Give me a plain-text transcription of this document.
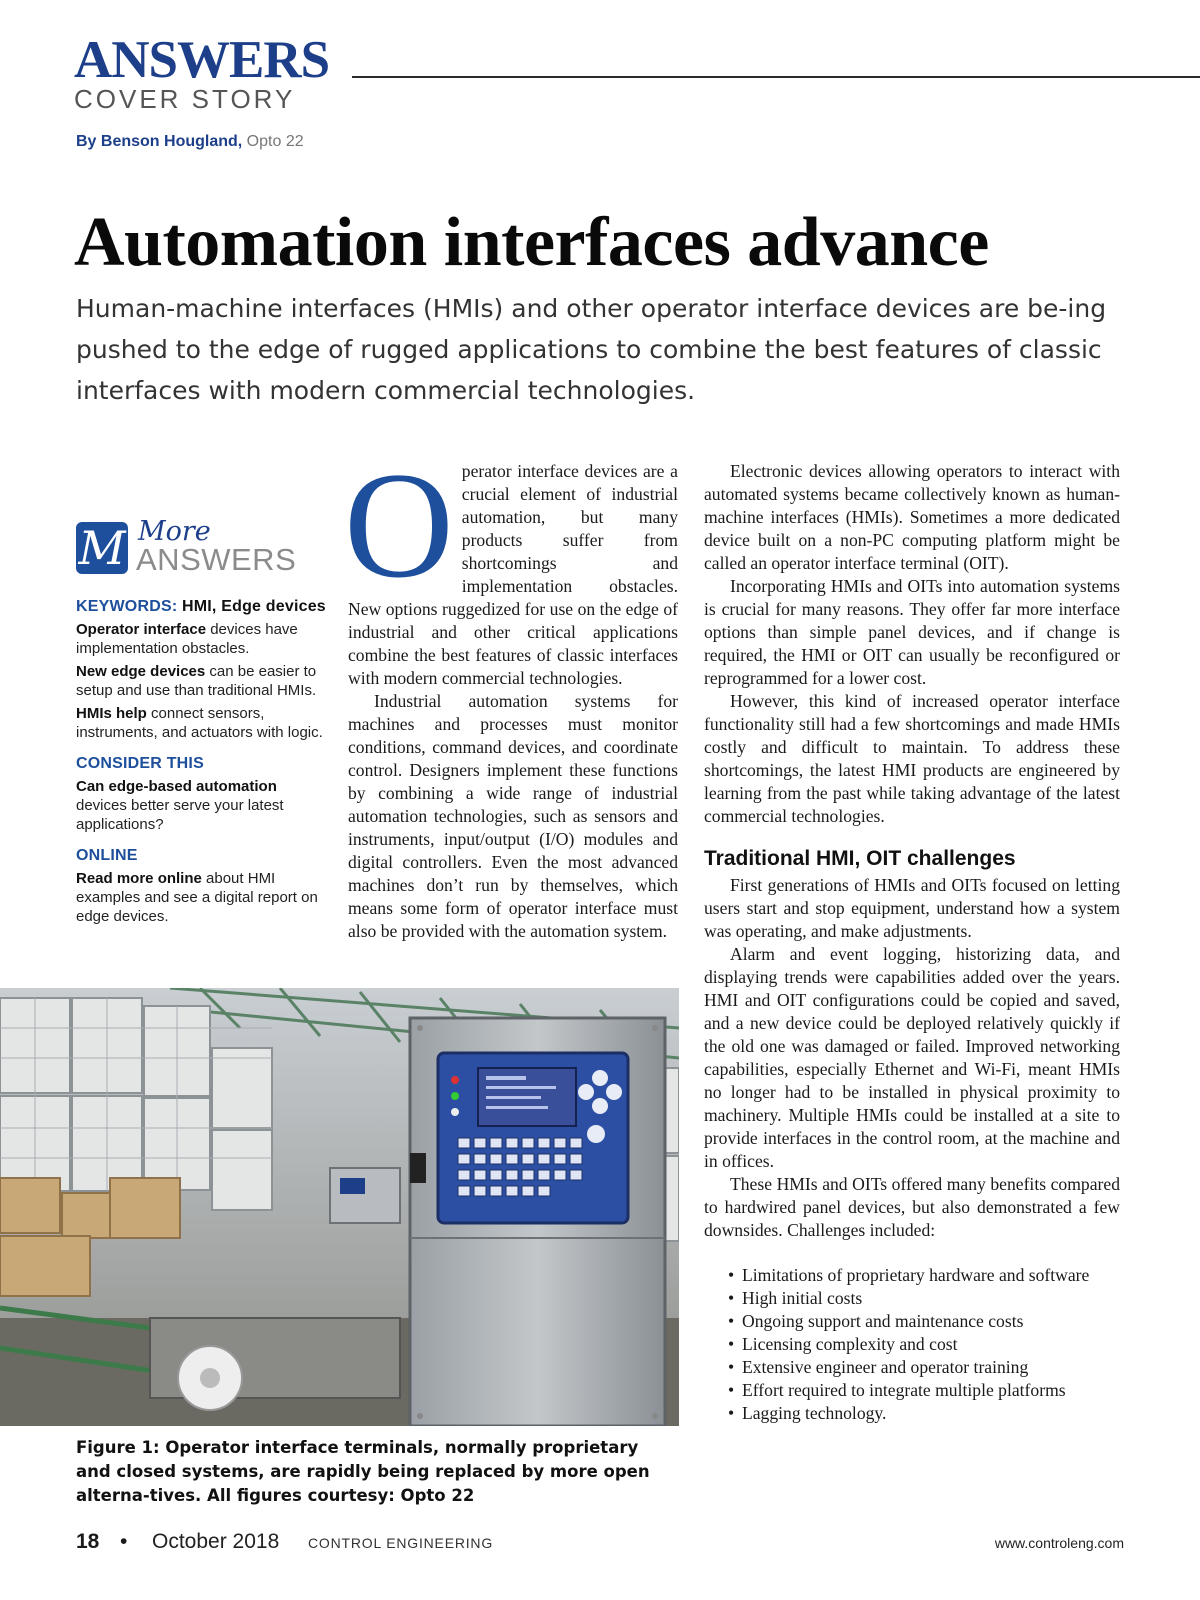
ANSWERS
COVER STORY
By Benson Hougland, Opto 22
Automation interfaces advance

Human-machine interfaces (HMIs) and other operator interface devices are be-ing pushed to the edge of rugged applications to combine the best features of classic interfaces with modern commercial technologies.

M More
ANSWERS
KEYWORDS: HMI, Edge devices

Operator interface devices have implementation obstacles.

New edge devices can be easier to setup and use than traditional HMIs.

HMIs help connect sensors, instruments, and actuators with logic.

CONSIDER THIS

Can edge-based automation devices better serve your latest applications?

ONLINE

Read more online about HMI examples and see a digital report on edge devices.

Operator interface devices are a crucial element of industrial automation, but many products suffer from shortcomings and implementation obstacles. New options ruggedized for use on the edge of industrial and other critical applications combine the best features of classic interfaces with modern commercial technologies.

Industrial automation systems for machines and processes must monitor conditions, command devices, and coordinate control. Designers implement these functions by combining a wide range of industrial automation technologies, such as sensors and instruments, input/output (I/O) modules and digital controllers. Even the most advanced machines don’t run by themselves, which means some form of operator interface must also be provided with the automation system.

Electronic devices allowing operators to interact with automated systems became collectively known as human-machine interfaces (HMIs). Sometimes a more dedicated device built on a non-PC computing platform might be called an operator interface terminal (OIT).

Incorporating HMIs and OITs into automation systems is crucial for many reasons. They offer far more interface options than simple panel devices, and if change is required, the HMI or OIT can usually be reconfigured or reprogrammed for a lower cost.

However, this kind of increased operator interface functionality still had a few shortcomings and made HMIs costly and difficult to maintain. To address these shortcomings, the latest HMI products are engineered by learning from the past while taking advantage of the latest commercial technologies.

Traditional HMI, OIT challenges

First generations of HMIs and OITs focused on letting users start and stop equipment, understand how a system was operating, and make adjustments.

Alarm and event logging, historizing data, and displaying trends were capabilities added over the years. HMI and OIT configurations could be copied and saved, and a new device could be deployed relatively quickly if the old one was damaged or failed. Improved networking capabilities, especially Ethernet and Wi-Fi, meant HMIs no longer had to be installed in physical proximity to machinery. Multiple HMIs could be installed at a site to provide interfaces in the control room, at the machine and in offices.

These HMIs and OITs offered many benefits compared to hardwired panel devices, but also demonstrated a few downsides. Challenges included:

• Limitations of proprietary hardware and software
• High initial costs
• Ongoing support and maintenance costs
• Licensing complexity and cost
• Extensive engineer and operator training
• Effort required to integrate multiple platforms
• Lagging technology.

Figure 1: Operator interface terminals, normally proprietary and closed systems, are rapidly being replaced by more open alterna-tives. All figures courtesy: Opto 22

18 • October 2018 CONTROL ENGINEERING	www.controleng.com
